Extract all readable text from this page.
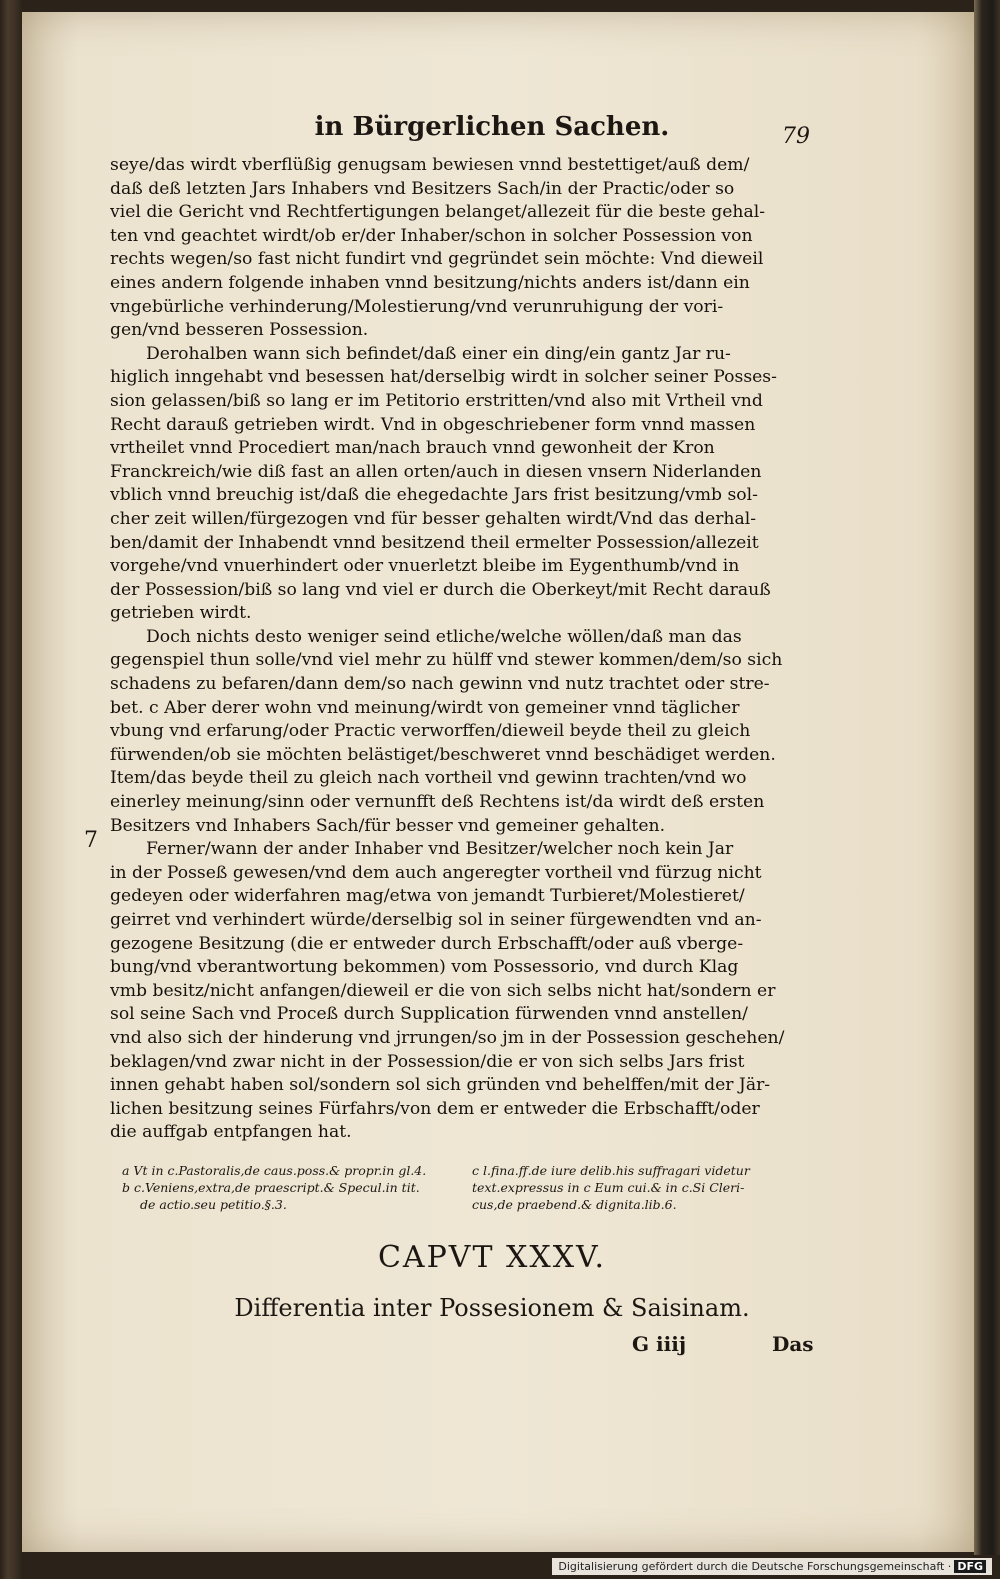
in Bürgerlichen Sachen.	79
7
seye/das wirdt vberflüßig genugsam bewiesen vnnd bestettiget/auß dem/
daß deß letzten Jars Inhabers vnd Besitzers Sach/in der Practic/oder so
viel die Gericht vnd Rechtfertigungen belanget/allezeit für die beste gehal-
ten vnd geachtet wirdt/ob er/der Inhaber/schon in solcher Possession von
rechts wegen/so fast nicht fundirt vnd gegründet sein möchte: Vnd dieweil
eines andern folgende inhaben vnnd besitzung/nichts anders ist/dann ein
vngebürliche verhinderung/Molestierung/vnd verunruhigung der vori-
gen/vnd besseren Possession.
Derohalben wann sich befindet/daß einer ein ding/ein gantz Jar ru-
higlich inngehabt vnd besessen hat/derselbig wirdt in solcher seiner Posses-
sion gelassen/biß so lang er im Petitorio erstritten/vnd also mit Vrtheil vnd
Recht darauß getrieben wirdt. Vnd in obgeschriebener form vnnd massen
vrtheilet vnnd Procediert man/nach brauch vnnd gewonheit der Kron
Franckreich/wie diß fast an allen orten/auch in diesen vnsern Niderlanden
vblich vnnd breuchig ist/daß die ehegedachte Jars frist besitzung/vmb sol-
cher zeit willen/fürgezogen vnd für besser gehalten wirdt/Vnd das derhal-
ben/damit der Inhabendt vnnd besitzend theil ermelter Possession/allezeit
vorgehe/vnd vnuerhindert oder vnuerletzt bleibe im Eygenthumb/vnd in
der Possession/biß so lang vnd viel er durch die Oberkeyt/mit Recht darauß
getrieben wirdt.
Doch nichts desto weniger seind etliche/welche wöllen/daß man das
gegenspiel thun solle/vnd viel mehr zu hülff vnd stewer kommen/dem/so sich
schadens zu befaren/dann dem/so nach gewinn vnd nutz trachtet oder stre-
bet. c Aber derer wohn vnd meinung/wirdt von gemeiner vnnd täglicher
vbung vnd erfarung/oder Practic verworffen/dieweil beyde theil zu gleich
fürwenden/ob sie möchten belästiget/beschweret vnnd beschädiget werden.
Item/das beyde theil zu gleich nach vortheil vnd gewinn trachten/vnd wo
einerley meinung/sinn oder vernunfft deß Rechtens ist/da wirdt deß ersten
Besitzers vnd Inhabers Sach/für besser vnd gemeiner gehalten.
Ferner/wann der ander Inhaber vnd Besitzer/welcher noch kein Jar
in der Posseß gewesen/vnd dem auch angeregter vortheil vnd fürzug nicht
gedeyen oder widerfahren mag/etwa von jemandt Turbieret/Molestieret/
geirret vnd verhindert würde/derselbig sol in seiner fürgewendten vnd an-
gezogene Besitzung (die er entweder durch Erbschafft/oder auß vberge-
bung/vnd vberantwortung bekommen) vom Possessorio, vnd durch Klag
vmb besitz/nicht anfangen/dieweil er die von sich selbs nicht hat/sondern er
sol seine Sach vnd Proceß durch Supplication fürwenden vnnd anstellen/
vnd also sich der hinderung vnd jrrungen/so jm in der Possession geschehen/
beklagen/vnd zwar nicht in der Possession/die er von sich selbs Jars frist
innen gehabt haben sol/sondern sol sich gründen vnd behelffen/mit der Jär-
lichen besitzung seines Fürfahrs/von dem er entweder die Erbschafft/oder
die auffgab entpfangen hat.
a Vt in c.Pastoralis,de caus.poss.& propr.in gl.4.
b c.Veniens,extra,de praescript.& Specul.in tit.
de actio.seu petitio.§.3.
c l.fina.ff.de iure delib.his suffragari videtur
text.expressus in c Eum cui.& in c.Si Cleri-
cus,de praebend.& dignita.lib.6.
CAPVT XXXV.
Differentia inter Possesionem & Saisinam.
G iiij	Das
Digitalisierung gefördert durch die Deutsche Forschungsgemeinschaft · DFG
